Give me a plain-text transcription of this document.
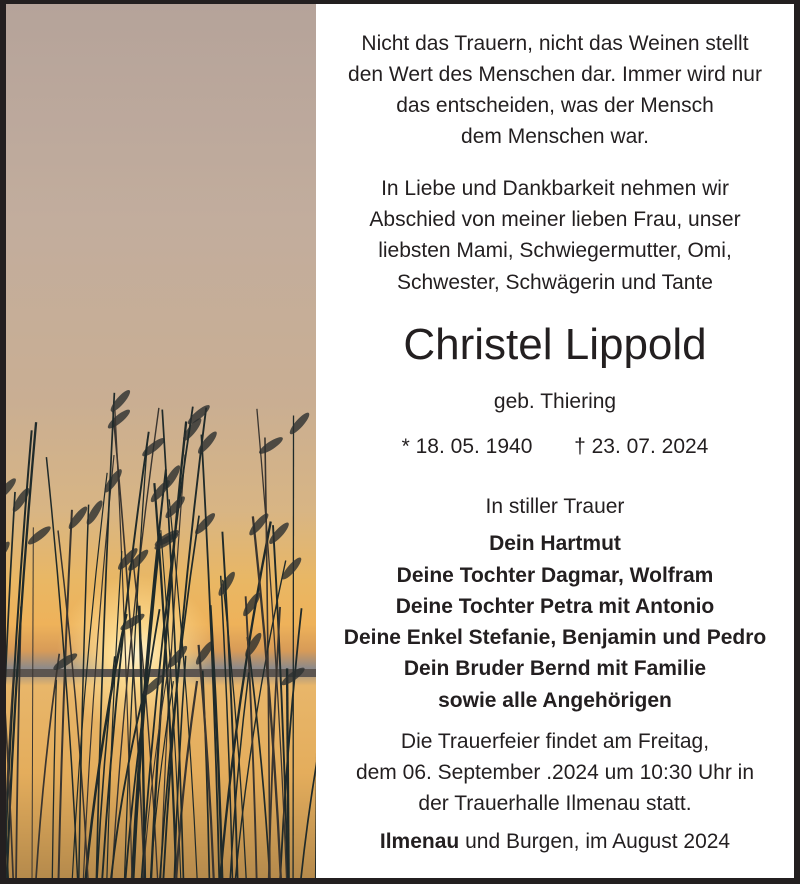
Nicht das Trauern, nicht das Weinen stellt
den Wert des Menschen dar. Immer wird nur
das entscheiden, was der Mensch
dem Menschen war.
In Liebe und Dankbarkeit nehmen wir
Abschied von meiner lieben Frau, unser
liebsten Mami, Schwiegermutter, Omi,
Schwester, Schwägerin und Tante
Christel Lippold
geb. Thiering
* 18. 05. 1940 † 23. 07. 2024
In stiller Trauer
Dein Hartmut
Deine Tochter Dagmar, Wolfram
Deine Tochter Petra mit Antonio
Deine Enkel Stefanie, Benjamin und Pedro
Dein Bruder Bernd mit Familie
sowie alle Angehörigen
Die Trauerfeier findet am Freitag,
dem 06. September .2024 um 10:30 Uhr in
der Trauerhalle Ilmenau statt.
Ilmenau und Burgen, im August 2024
